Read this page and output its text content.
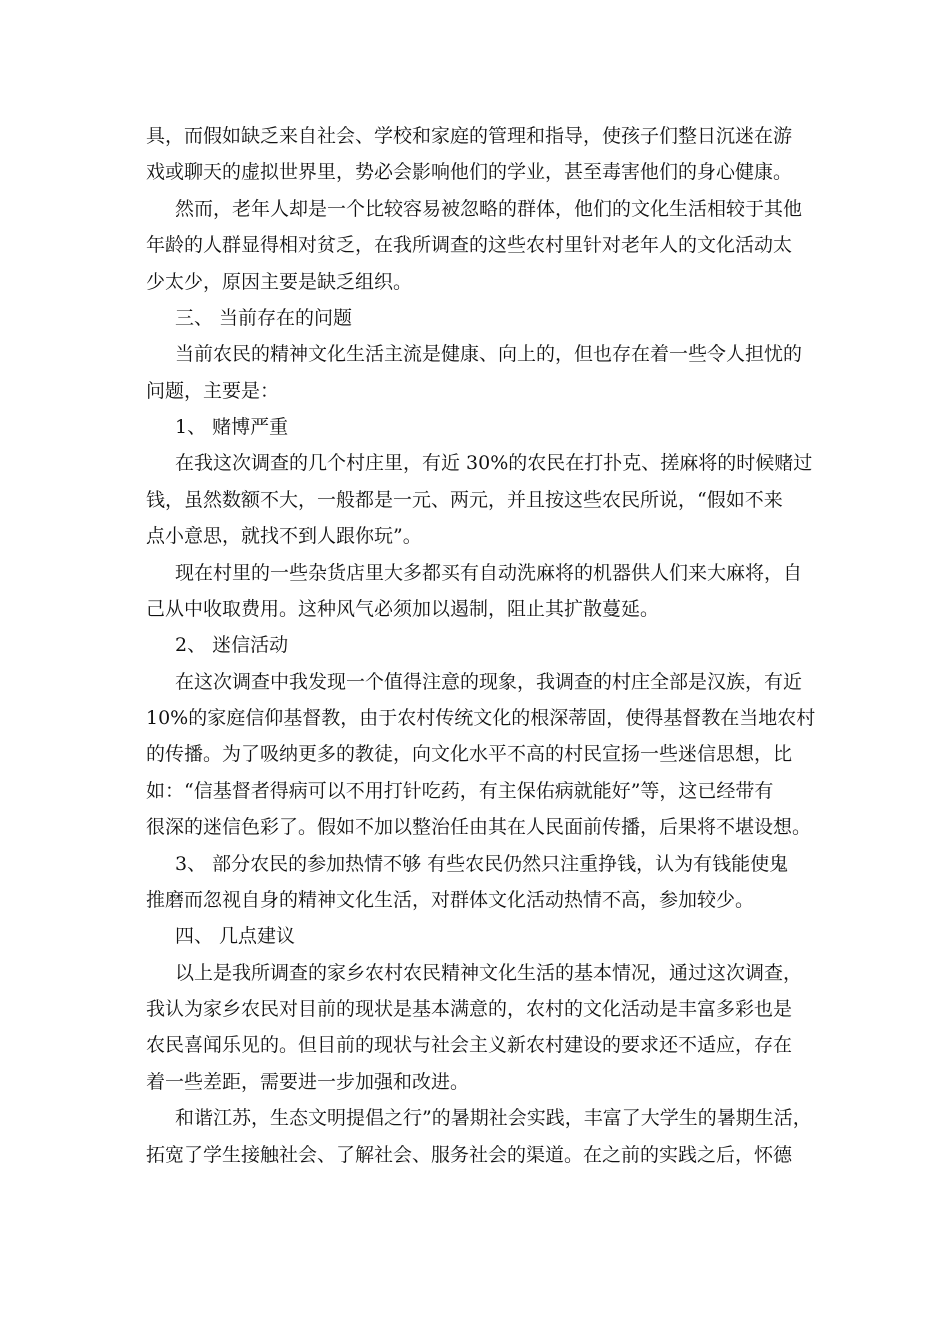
具，而假如缺乏来自社会、学校和家庭的管理和指导，使孩子们整日沉迷在游
戏或聊天的虚拟世界里，势必会影响他们的学业，甚至毒害他们的身心健康。
然而，老年人却是一个比较容易被忽略的群体，他们的文化生活相较于其他
年龄的人群显得相对贫乏，在我所调查的这些农村里针对老年人的文化活动太
少太少，原因主要是缺乏组织。
三、 当前存在的问题
当前农民的精神文化生活主流是健康、向上的，但也存在着一些令人担忧的
问题，主要是：
1、 赌博严重
在我这次调查的几个村庄里，有近 30%的农民在打扑克、搓麻将的时候赌过
钱，虽然数额不大，一般都是一元、两元，并且按这些农民所说，“假如不来
点小意思，就找不到人跟你玩”。
现在村里的一些杂货店里大多都买有自动洗麻将的机器供人们来大麻将，自
己从中收取费用。这种风气必须加以遏制，阻止其扩散蔓延。
2、 迷信活动
在这次调查中我发现一个值得注意的现象，我调查的村庄全部是汉族，有近
10%的家庭信仰基督教，由于农村传统文化的根深蒂固，使得基督教在当地农村
的传播。为了吸纳更多的教徒，向文化水平不高的村民宣扬一些迷信思想，比
如：“信基督者得病可以不用打针吃药，有主保佑病就能好”等，这已经带有
很深的迷信色彩了。假如不加以整治任由其在人民面前传播，后果将不堪设想。
3、 部分农民的参加热情不够 有些农民仍然只注重挣钱，认为有钱能使鬼
推磨而忽视自身的精神文化生活，对群体文化活动热情不高，参加较少。
四、 几点建议
以上是我所调查的家乡农村农民精神文化生活的基本情况，通过这次调查，
我认为家乡农民对目前的现状是基本满意的，农村的文化活动是丰富多彩也是
农民喜闻乐见的。但目前的现状与社会主义新农村建设的要求还不适应，存在
着一些差距，需要进一步加强和改进。
和谐江苏，生态文明提倡之行”的暑期社会实践，丰富了大学生的暑期生活，
拓宽了学生接触社会、了解社会、服务社会的渠道。在之前的实践之后，怀德
